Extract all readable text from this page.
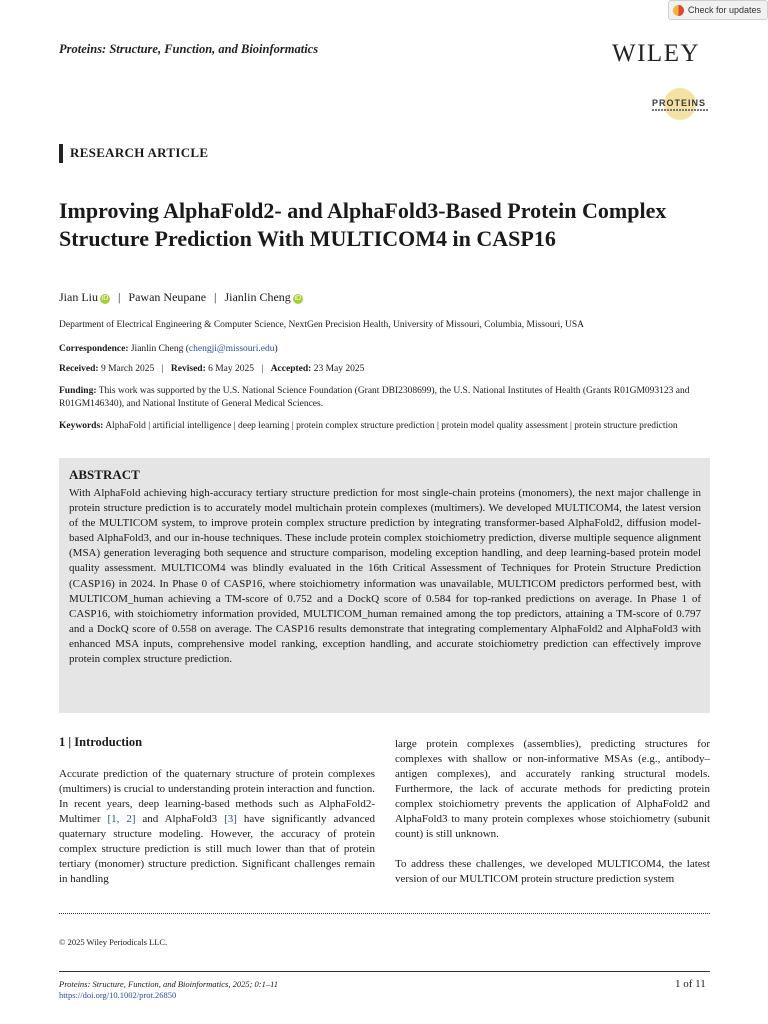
Check for updates
Proteins: Structure, Function, and Bioinformatics	WILEY
PROTEINS
RESEARCH ARTICLE
Improving AlphaFold2- and AlphaFold3-Based Protein Complex Structure Prediction With MULTICOM4 in CASP16
Jian Liu iD | Pawan Neupane | Jianlin Cheng iD
Department of Electrical Engineering & Computer Science, NextGen Precision Health, University of Missouri, Columbia, Missouri, USA
Correspondence: Jianlin Cheng (chengji@missouri.edu)
Received: 9 March 2025 | Revised: 6 May 2025 | Accepted: 23 May 2025
Funding: This work was supported by the U.S. National Science Foundation (Grant DBI2308699), the U.S. National Institutes of Health (Grants R01GM093123 and R01GM146340), and National Institute of General Medical Sciences.
Keywords: AlphaFold | artificial intelligence | deep learning | protein complex structure prediction | protein model quality assessment | protein structure prediction
ABSTRACT
With AlphaFold achieving high-accuracy tertiary structure prediction for most single-chain proteins (monomers), the next major challenge in protein structure prediction is to accurately model multichain protein complexes (multimers). We developed MULTICOM4, the latest version of the MULTICOM system, to improve protein complex structure prediction by integrating transformer-based AlphaFold2, diffusion model-based AlphaFold3, and our in-house techniques. These include protein complex stoichiometry prediction, diverse multiple sequence alignment (MSA) generation leveraging both sequence and structure comparison, modeling exception handling, and deep learning-based protein model quality assessment. MULTICOM4 was blindly evaluated in the 16th Critical Assessment of Techniques for Protein Structure Prediction (CASP16) in 2024. In Phase 0 of CASP16, where stoichiometry information was unavailable, MULTICOM predictors performed best, with MULTICOM_human achieving a TM-score of 0.752 and a DockQ score of 0.584 for top-ranked predictions on average. In Phase 1 of CASP16, with stoichiometry information provided, MULTICOM_human remained among the top predictors, attaining a TM-score of 0.797 and a DockQ score of 0.558 on average. The CASP16 results demonstrate that integrating complementary AlphaFold2 and AlphaFold3 with enhanced MSA inputs, comprehensive model ranking, exception handling, and accurate stoichiometry prediction can effectively improve protein complex structure prediction.
1 | Introduction
Accurate prediction of the quaternary structure of protein complexes (multimers) is crucial to understanding protein interaction and function. In recent years, deep learning-based methods such as AlphaFold2-Multimer [1, 2] and AlphaFold3 [3] have significantly advanced quaternary structure modeling. However, the accuracy of protein complex structure prediction is still much lower than that of protein tertiary (monomer) structure prediction. Significant challenges remain in handling
large protein complexes (assemblies), predicting structures for complexes with shallow or non-informative MSAs (e.g., antibody–antigen complexes), and accurately ranking structural models. Furthermore, the lack of accurate methods for predicting protein complex stoichiometry prevents the application of AlphaFold2 and AlphaFold3 to many protein complexes whose stoichiometry (subunit count) is still unknown.
To address these challenges, we developed MULTICOM4, the latest version of our MULTICOM protein structure prediction system
© 2025 Wiley Periodicals LLC.
Proteins: Structure, Function, and Bioinformatics, 2025; 0:1–11
https://doi.org/10.1002/prot.26850
1 of 11
